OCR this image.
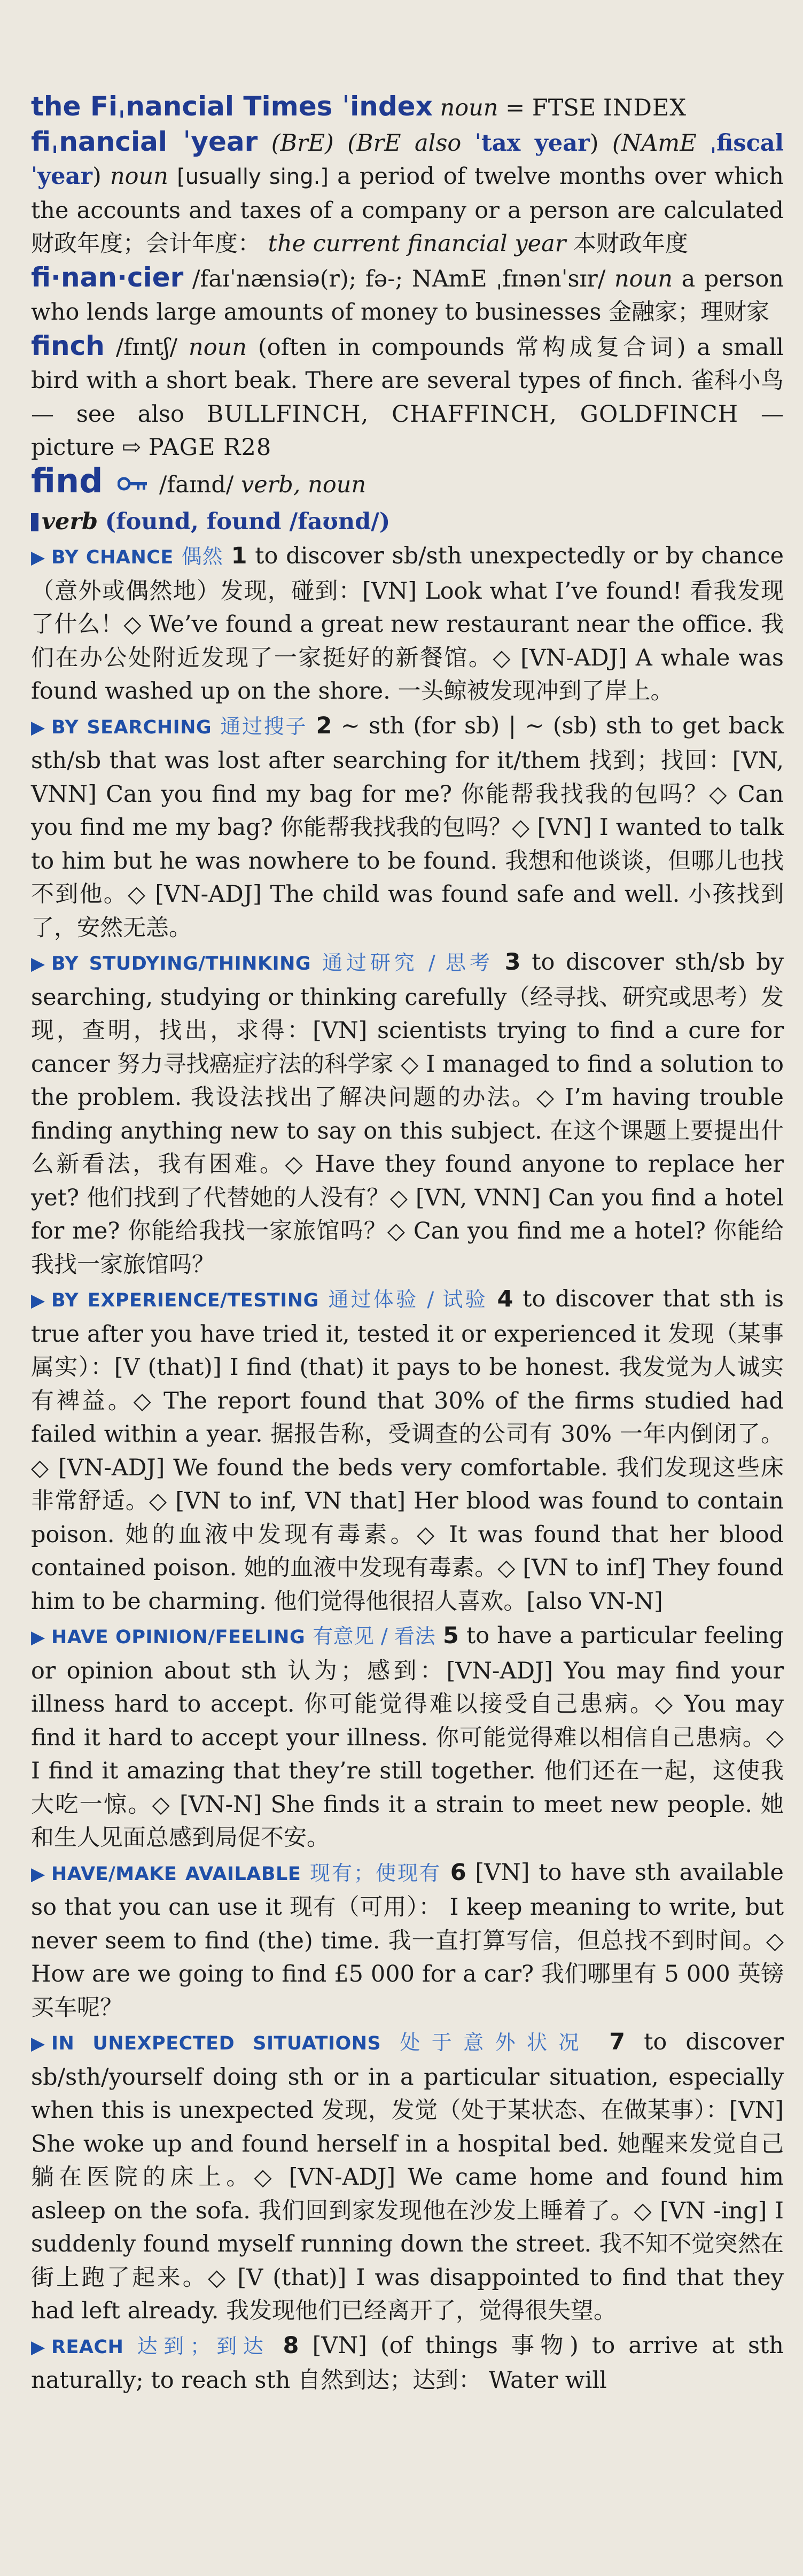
the Fiˌnancial Times ˈindex noun = FTSE INDEX

fiˌnancial ˈyear (BrE) (BrE also ˈtax year) (NAmE ˌfiscal ˈyear) noun [usually sing.] a period of twelve months over which the accounts and taxes of a company or a person are calculated 财政年度；会计年度： the current financial year 本财政年度

fi·nan·cier /faɪˈnænsiə(r); fə-; NAmE ˌfɪnənˈsɪr/ noun a person who lends large amounts of money to businesses 金融家；理财家

finch /fɪntʃ/ noun (often in compounds 常构成复合词) a small bird with a short beak. There are several types of finch. 雀科小鸟 — see also BULLFINCH, CHAFFINCH, GOLDFINCH — picture ⇨ PAGE R28

find /faɪnd/ verb, noun

verb (found, found /faʊnd/)

▶ BY CHANCE 偶然 1 to discover sb/sth unexpectedly or by chance（意外或偶然地）发现，碰到：[VN] Look what I’ve found! 看我发现了什么！◇ We’ve found a great new restaurant near the office. 我们在办公处附近发现了一家挺好的新餐馆。◇ [VN-ADJ] A whale was found washed up on the shore. 一头鲸被发现冲到了岸上。

▶ BY SEARCHING 通过搜子 2 ∼ sth (for sb) | ∼ (sb) sth to get back sth/sb that was lost after searching for it/them 找到；找回：[VN, VNN] Can you find my bag for me? 你能帮我找我的包吗？◇ Can you find me my bag? 你能帮我找我的包吗？◇ [VN] I wanted to talk to him but he was nowhere to be found. 我想和他谈谈，但哪儿也找不到他。◇ [VN-ADJ] The child was found safe and well. 小孩找到了，安然无恙。

▶ BY STUDYING/THINKING 通过研究 / 思考 3 to discover sth/sb by searching, studying or thinking carefully（经寻找、研究或思考）发现，查明，找出，求得：[VN] scientists trying to find a cure for cancer 努力寻找癌症疗法的科学家 ◇ I managed to find a solution to the problem. 我设法找出了解决问题的办法。◇ I’m having trouble finding anything new to say on this subject. 在这个课题上要提出什么新看法，我有困难。◇ Have they found anyone to replace her yet? 他们找到了代替她的人没有？◇ [VN, VNN] Can you find a hotel for me? 你能给我找一家旅馆吗？◇ Can you find me a hotel? 你能给我找一家旅馆吗？

▶ BY EXPERIENCE/TESTING 通过体验 / 试验 4 to discover that sth is true after you have tried it, tested it or experienced it 发现（某事属实）：[V (that)] I find (that) it pays to be honest. 我发觉为人诚实有裨益。◇ The report found that 30% of the firms studied had failed within a year. 据报告称，受调查的公司有 30% 一年内倒闭了。◇ [VN-ADJ] We found the beds very comfortable. 我们发现这些床非常舒适。◇ [VN to inf, VN that] Her blood was found to contain poison. 她的血液中发现有毒素。◇ It was found that her blood contained poison. 她的血液中发现有毒素。◇ [VN to inf] They found him to be charming. 他们觉得他很招人喜欢。[also VN-N]

▶ HAVE OPINION/FEELING 有意见 / 看法 5 to have a particular feeling or opinion about sth 认为；感到：[VN-ADJ] You may find your illness hard to accept. 你可能觉得难以接受自己患病。◇ You may find it hard to accept your illness. 你可能觉得难以相信自己患病。◇ I find it amazing that they’re still together. 他们还在一起，这使我大吃一惊。◇ [VN-N] She finds it a strain to meet new people. 她和生人见面总感到局促不安。

▶ HAVE/MAKE AVAILABLE 现有；使现有 6 [VN] to have sth available so that you can use it 现有（可用）： I keep meaning to write, but never seem to find (the) time. 我一直打算写信，但总找不到时间。◇ How are we going to find £5 000 for a car? 我们哪里有 5 000 英镑买车呢？

▶ IN UNEXPECTED SITUATIONS 处于意外状况 7 to discover sb/sth/yourself doing sth or in a particular situation, especially when this is unexpected 发现，发觉（处于某状态、在做某事）：[VN] She woke up and found herself in a hospital bed. 她醒来发觉自己躺在医院的床上。◇ [VN-ADJ] We came home and found him asleep on the sofa. 我们回到家发现他在沙发上睡着了。◇ [VN -ing] I suddenly found myself running down the street. 我不知不觉突然在街上跑了起来。◇ [V (that)] I was disappointed to find that they had left already. 我发现他们已经离开了，觉得很失望。

▶ REACH 达到；到达 8 [VN] (of things 事物) to arrive at sth naturally; to reach sth 自然到达；达到： Water will
